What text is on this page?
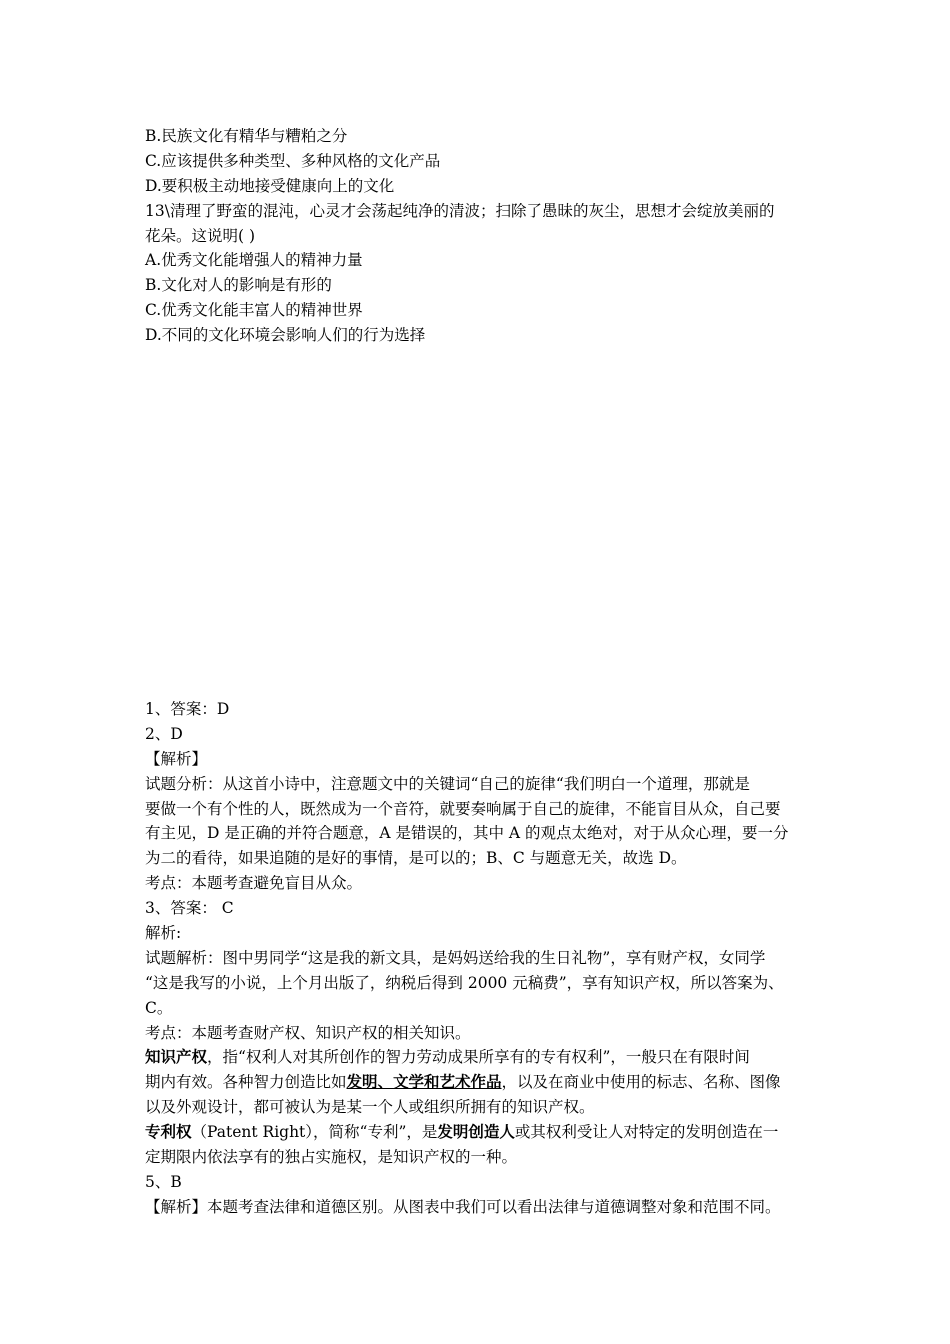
B.民族文化有精华与糟粕之分
C.应该提供多种类型、多种风格的文化产品
D.要积极主动地接受健康向上的文化
13\清理了野蛮的混沌，心灵才会荡起纯净的清波；扫除了愚昧的灰尘，思想才会绽放美丽的
花朵。这说明( )
A.优秀文化能增强人的精神力量
B.文化对人的影响是有形的
C.优秀文化能丰富人的精神世界
D.不同的文化环境会影响人们的行为选择
1、答案：D
2、D
【解析】
试题分析：从这首小诗中，注意题文中的关键词“自己的旋律“我们明白一个道理，那就是
要做一个有个性的人，既然成为一个音符，就要奏响属于自己的旋律，不能盲目从众，自己要
有主见，D 是正确的并符合题意，A 是错误的，其中 A 的观点太绝对，对于从众心理，要一分
为二的看待，如果追随的是好的事情，是可以的；B、C 与题意无关，故选 D。
考点：本题考查避免盲目从众。
3、答案： C
解析:
试题解析：图中男同学“这是我的新文具，是妈妈送给我的生日礼物”，享有财产权，女同学
“这是我写的小说，上个月出版了，纳税后得到 2000 元稿费”，享有知识产权，所以答案为、
C。
考点：本题考查财产权、知识产权的相关知识。
知识产权，指“权利人对其所创作的智力劳动成果所享有的专有权利”，一般只在有限时间
期内有效。各种智力创造比如发明、文学和艺术作品，以及在商业中使用的标志、名称、图像
以及外观设计，都可被认为是某一个人或组织所拥有的知识产权。
专利权（Patent Right），简称“专利”，是发明创造人或其权利受让人对特定的发明创造在一
定期限内依法享有的独占实施权，是知识产权的一种。
5、B
【解析】本题考查法律和道德区别。从图表中我们可以看出法律与道德调整对象和范围不同。
